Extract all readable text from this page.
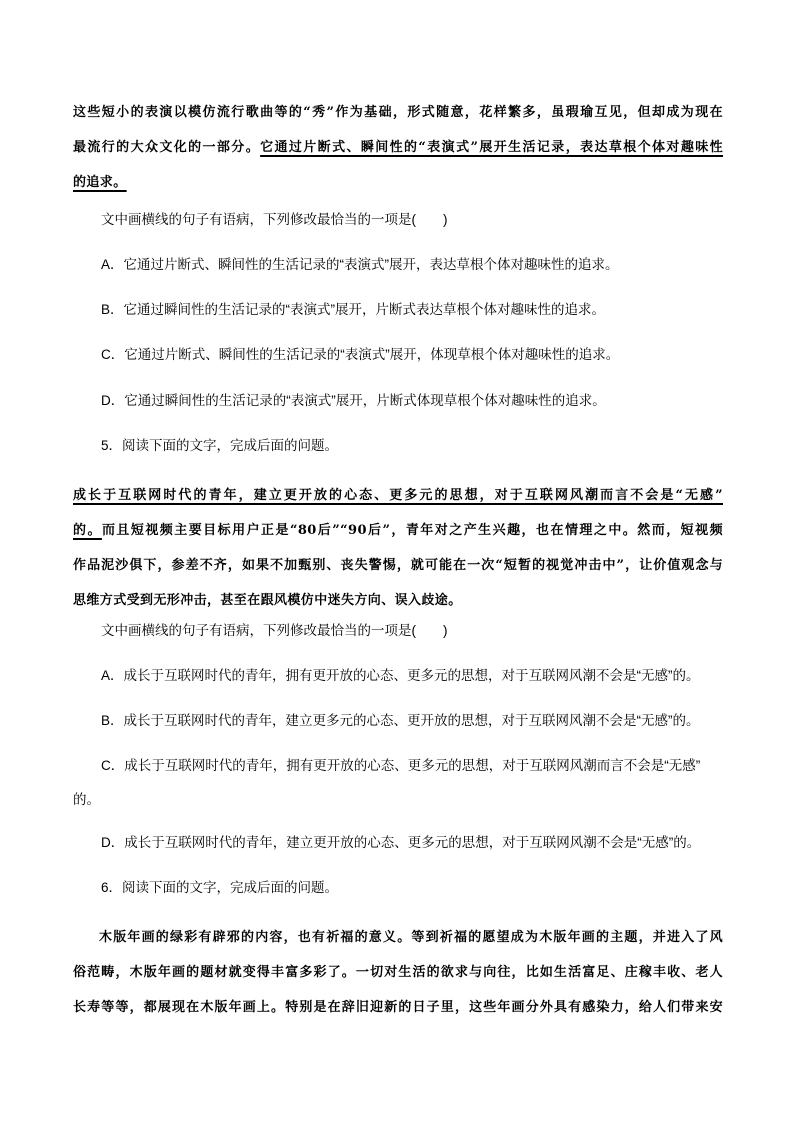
这些短小的表演以模仿流行歌曲等的“秀”作为基础，形式随意，花样繁多，虽瑕瑜互见，但却成为现在
最流行的大众文化的一部分。它通过片断式、瞬间性的“表演式”展开生活记录，表达草根个体对趣味性
的追求。
文中画横线的句子有语病，下列修改最恰当的一项是(　　)
A．它通过片断式、瞬间性的生活记录的“表演式”展开，表达草根个体对趣味性的追求。
B．它通过瞬间性的生活记录的“表演式”展开，片断式表达草根个体对趣味性的追求。
C．它通过片断式、瞬间性的生活记录的“表演式”展开，体现草根个体对趣味性的追求。
D．它通过瞬间性的生活记录的“表演式”展开，片断式体现草根个体对趣味性的追求。
5．阅读下面的文字，完成后面的问题。
成长于互联网时代的青年，建立更开放的心态、更多元的思想，对于互联网风潮而言不会是“无感”
的。而且短视频主要目标用户正是“80后”“90后”，青年对之产生兴趣，也在情理之中。然而，短视频
作品泥沙俱下，参差不齐，如果不加甄别、丧失警惕，就可能在一次“短暂的视觉冲击中”，让价值观念与
思维方式受到无形冲击，甚至在跟风模仿中迷失方向、误入歧途。
文中画横线的句子有语病，下列修改最恰当的一项是(　　)
A．成长于互联网时代的青年，拥有更开放的心态、更多元的思想，对于互联网风潮不会是“无感”的。
B．成长于互联网时代的青年，建立更多元的心态、更开放的思想，对于互联网风潮不会是“无感”的。
C．成长于互联网时代的青年，拥有更开放的心态、更多元的思想，对于互联网风潮而言不会是“无感”
的。
D．成长于互联网时代的青年，建立更开放的心态、更多元的思想，对于互联网风潮不会是“无感”的。
6．阅读下面的文字，完成后面的问题。
木版年画的绿彩有辟邪的内容，也有祈福的意义。等到祈福的愿望成为木版年画的主题，并进入了风
俗范畴，木版年画的题材就变得丰富多彩了。一切对生活的欲求与向往，比如生活富足、庄稼丰收、老人
长寿等等，都展现在木版年画上。特别是在辞旧迎新的日子里，这些年画分外具有感染力，给人们带来安
